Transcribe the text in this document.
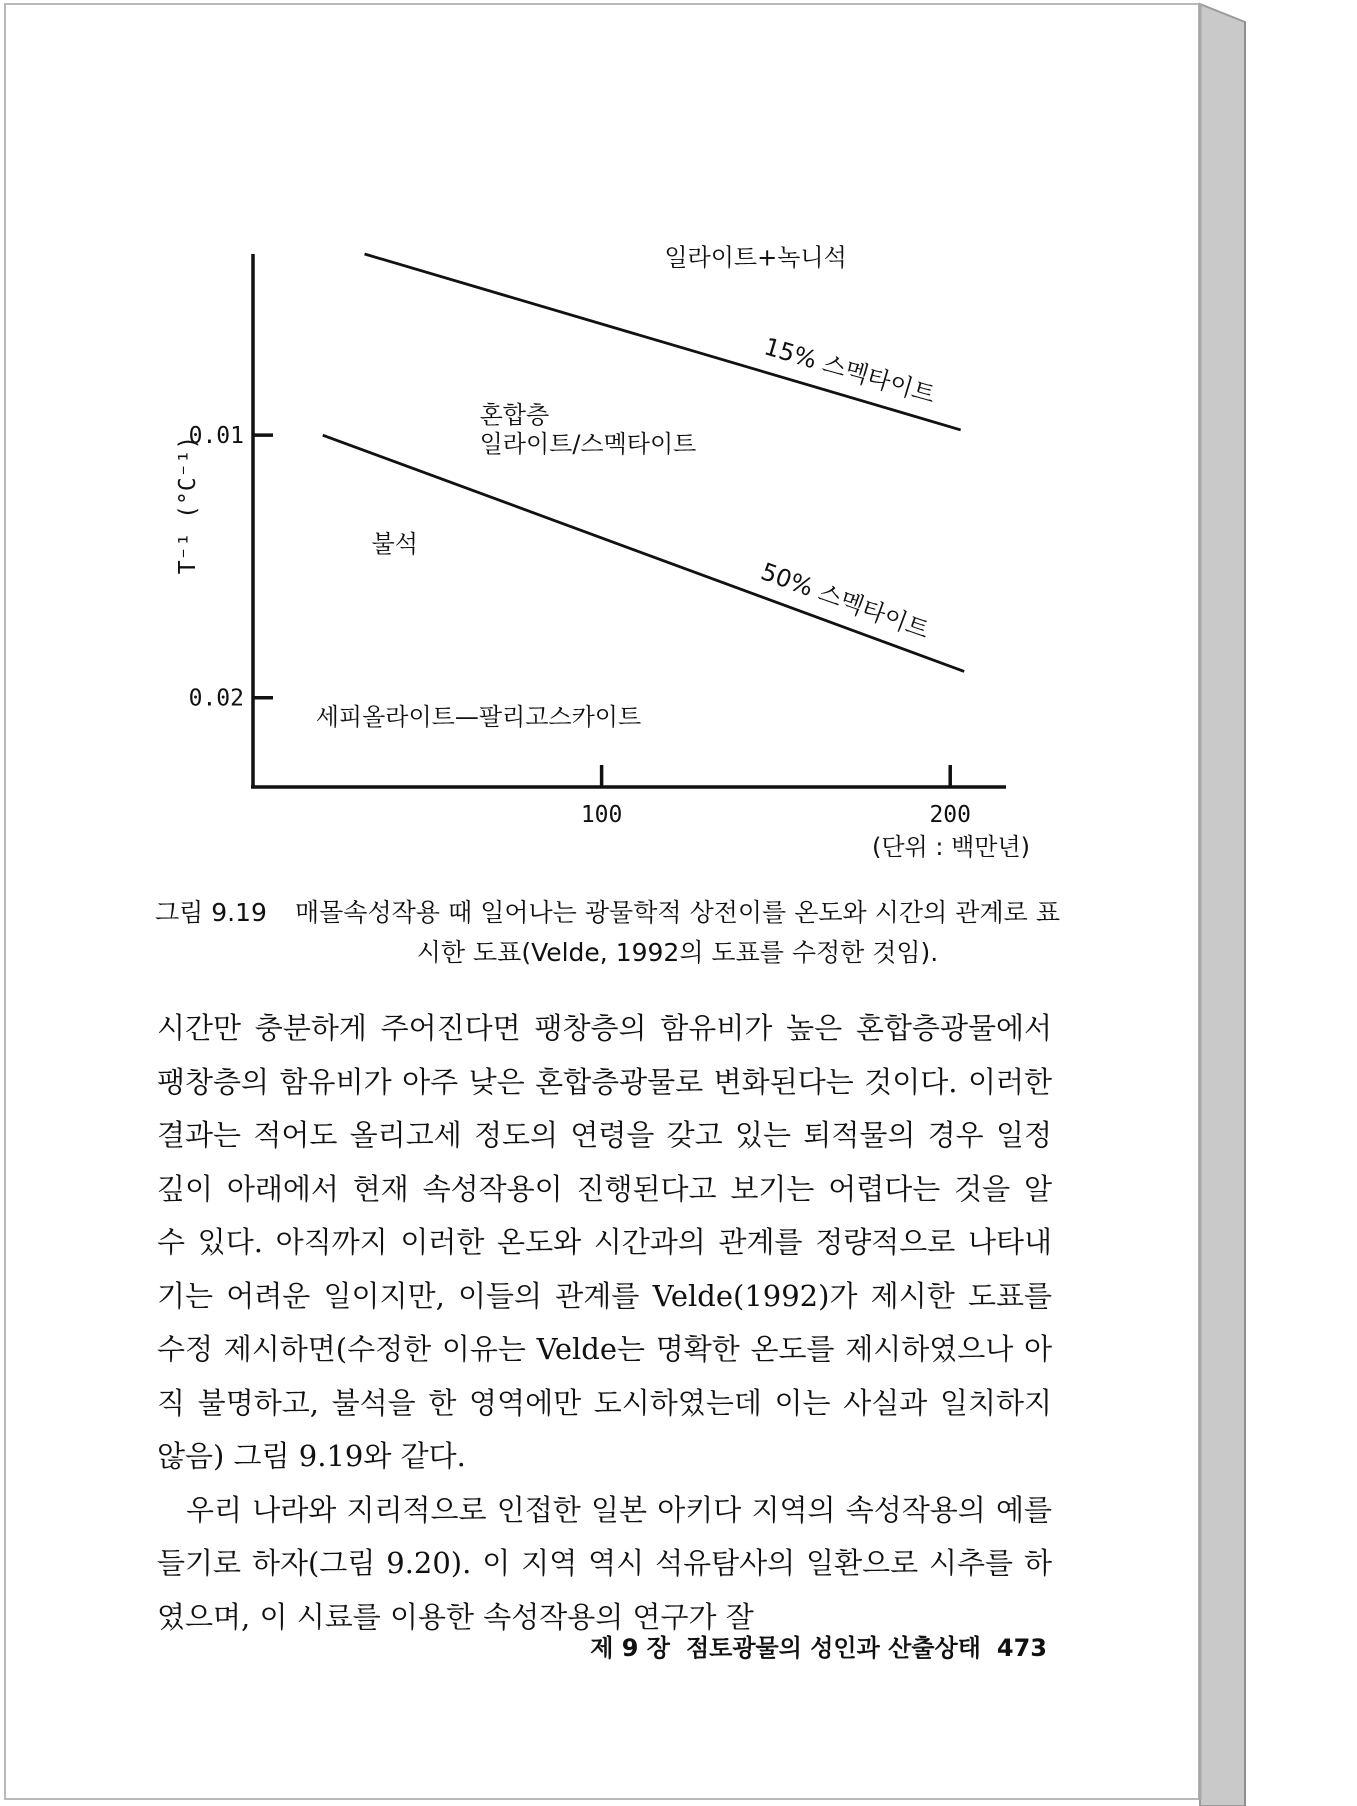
100	200
0.01
0.02
15% 스멕타이트
50% 스멕타이트
T⁻¹ (°C⁻¹)
(단위 : 백만년)
일라이트+녹니석
혼합층
일라이트/스멕타이트
불석
세피올라이트—팔리고스카이트
그림 9.19 매몰속성작용 때 일어나는 광물학적 상전이를 온도와 시간의 관계로 표시한 도표(Velde, 1992의 도표를 수정한 것임).

시간만 충분하게 주어진다면 팽창층의 함유비가 높은 혼합층광물에서 팽창층의 함유비가 아주 낮은 혼합층광물로 변화된다는 것이다. 이러한 결과는 적어도 올리고세 정도의 연령을 갖고 있는 퇴적물의 경우 일정 깊이 아래에서 현재 속성작용이 진행된다고 보기는 어렵다는 것을 알 수 있다. 아직까지 이러한 온도와 시간과의 관계를 정량적으로 나타내기는 어려운 일이지만, 이들의 관계를 Velde(1992)가 제시한 도표를 수정 제시하면(수정한 이유는 Velde는 명확한 온도를 제시하였으나 아직 불명하고, 불석을 한 영역에만 도시하였는데 이는 사실과 일치하지 않음) 그림 9.19와 같다.

우리 나라와 지리적으로 인접한 일본 아키다 지역의 속성작용의 예를 들기로 하자(그림 9.20). 이 지역 역시 석유탐사의 일환으로 시추를 하였으며, 이 시료를 이용한 속성작용의 연구가 잘

제 9 장 점토광물의 성인과 산출상태 473
